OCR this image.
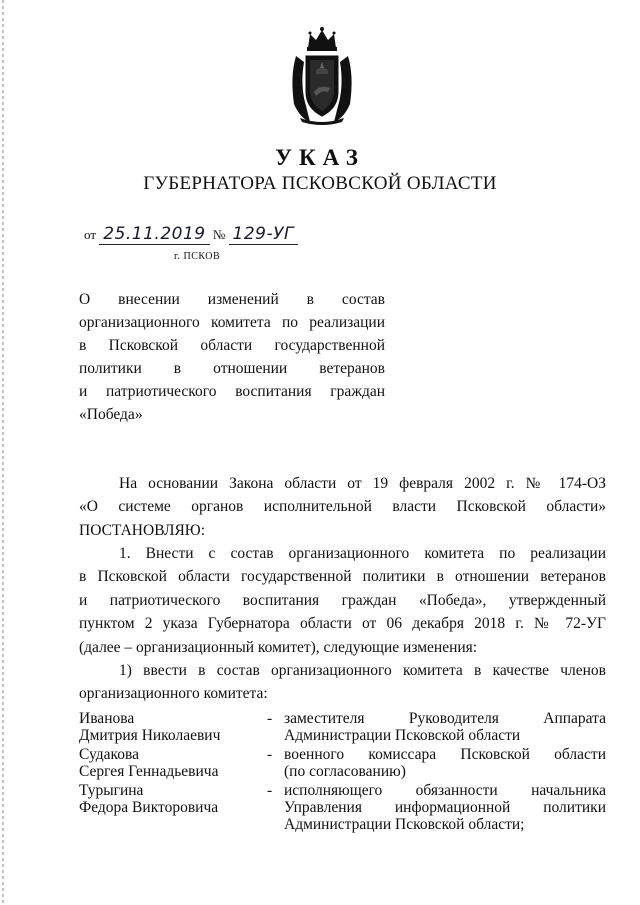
УКАЗ
ГУБЕРНАТОРА ПСКОВСКОЙ ОБЛАСТИ
от 25.11.2019 № 129-УГ
г. ПСКОВ
О внесении изменений в состав
организационного комитета по реализации
в Псковской области государственной
политики в отношении ветеранов
и патриотического воспитания граждан
«Победа»
На основании Закона области от 19 февраля 2002 г. № 174-ОЗ
«О системе органов исполнительной власти Псковской области»
ПОСТАНОВЛЯЮ:
1. Внести с состав организационного комитета по реализации
в Псковской области государственной политики в отношении ветеранов
и патриотического воспитания граждан «Победа», утвержденный
пунктом 2 указа Губернатора области от 06 декабря 2018 г. № 72-УГ
(далее – организационный комитет), следующие изменения:
1) ввести в состав организационного комитета в качестве членов
организационного комитета:
Иванова
Дмитрия Николаевич
- заместителя Руководителя Аппарата
Администрации Псковской области
Судакова
Сергея Геннадьевича
- военного комиссара Псковской области
(по согласованию)
Турыгина
Федора Викторовича
- исполняющего обязанности начальника
Управления информационной политики
Администрации Псковской области;
